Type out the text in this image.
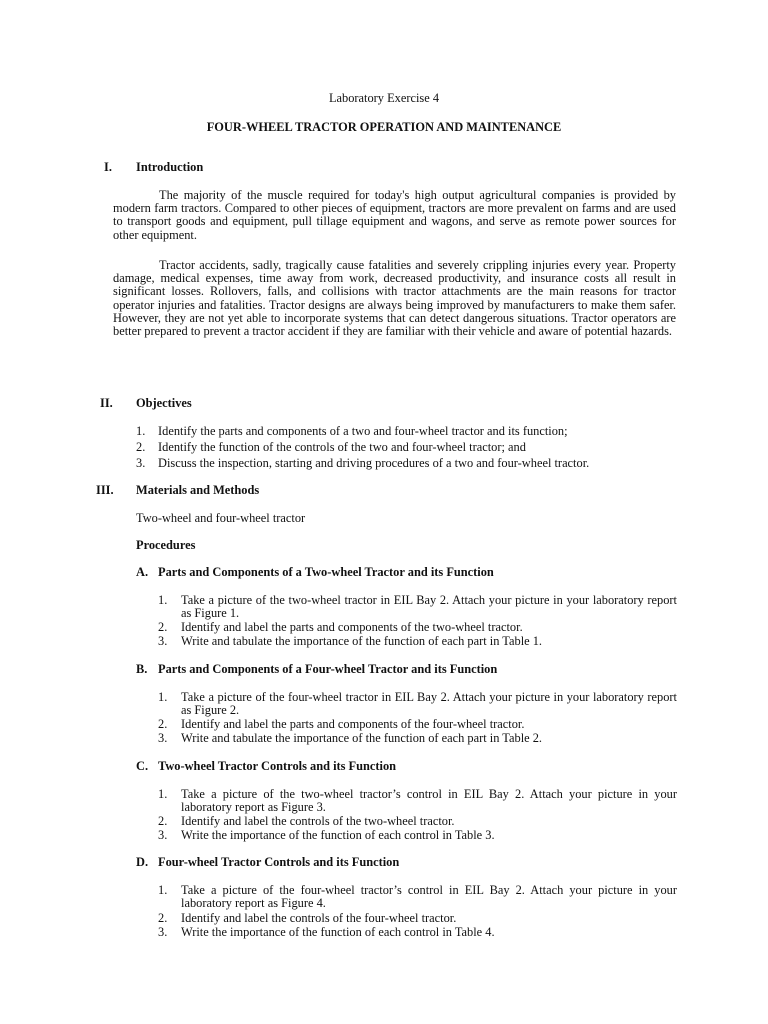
Laboratory Exercise 4
FOUR-WHEEL TRACTOR OPERATION AND MAINTENANCE
I. Introduction

The majority of the muscle required for today's high output agricultural companies is provided by modern farm tractors. Compared to other pieces of equipment, tractors are more prevalent on farms and are used to transport goods and equipment, pull tillage equipment and wagons, and serve as remote power sources for other equipment.

Tractor accidents, sadly, tragically cause fatalities and severely crippling injuries every year. Property damage, medical expenses, time away from work, decreased productivity, and insurance costs all result in significant losses. Rollovers, falls, and collisions with tractor attachments are the main reasons for tractor operator injuries and fatalities. Tractor designs are always being improved by manufacturers to make them safer. However, they are not yet able to incorporate systems that can detect dangerous situations. Tractor operators are better prepared to prevent a tractor accident if they are familiar with their vehicle and aware of potential hazards.

II. Objectives
1. Identify the parts and components of a two and four-wheel tractor and its function;
2. Identify the function of the controls of the two and four-wheel tractor; and
3. Discuss the inspection, starting and driving procedures of a two and four-wheel tractor.
III. Materials and Methods
Two-wheel and four-wheel tractor
Procedures
A. Parts and Components of a Two-wheel Tractor and its Function
1. Take a picture of the two-wheel tractor in EIL Bay 2. Attach your picture in your laboratory report as Figure 1.
2. Identify and label the parts and components of the two-wheel tractor.
3. Write and tabulate the importance of the function of each part in Table 1.
B. Parts and Components of a Four-wheel Tractor and its Function
1. Take a picture of the four-wheel tractor in EIL Bay 2. Attach your picture in your laboratory report as Figure 2.
2. Identify and label the parts and components of the four-wheel tractor.
3. Write and tabulate the importance of the function of each part in Table 2.
C. Two-wheel Tractor Controls and its Function
1. Take a picture of the two-wheel tractor’s control in EIL Bay 2. Attach your picture in your laboratory report as Figure 3.
2. Identify and label the controls of the two-wheel tractor.
3. Write the importance of the function of each control in Table 3.
D. Four-wheel Tractor Controls and its Function
1. Take a picture of the four-wheel tractor’s control in EIL Bay 2. Attach your picture in your laboratory report as Figure 4.
2. Identify and label the controls of the four-wheel tractor.
3. Write the importance of the function of each control in Table 4.
